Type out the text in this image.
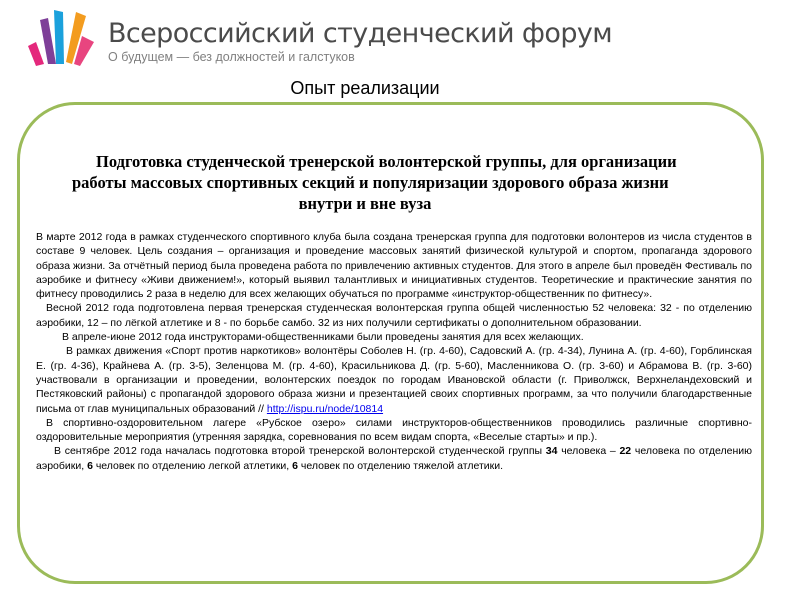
Всероссийский студенческий форум
О будущем — без должностей и галстуков
Опыт реализации
Подготовка студенческой тренерской волонтерской группы, для организации
работы массовых спортивных секций и популяризации здорового образа жизни
внутри и вне вуза

В марте 2012 года в рамках студенческого спортивного клуба была создана тренерская группа для подготовки волонтеров из числа студентов в составе 9 человек. Цель создания – организация и проведение массовых занятий физической культурой и спортом, пропаганда здорового образа жизни. За отчётный период была проведена работа по привлечению активных студентов. Для этого в апреле был проведён Фестиваль по аэробике и фитнесу «Живи движением!», который выявил талантливых и инициативных студентов. Теоретические и практические занятия по фитнесу проводились 2 раза в неделю для всех желающих обучаться по программе «инструктор-общественник по фитнесу».

Весной 2012 года подготовлена первая тренерская студенческая волонтерская группа общей численностью 52 человека: 32 - по отделению аэробики, 12 – по лёгкой атлетике и 8 - по борьбе самбо. 32 из них получили сертификаты о дополнительном образовании.

В апреле-июне 2012 года инструкторами-общественниками были проведены занятия для всех желающих.

В рамках движения «Спорт против наркотиков» волонтёры Соболев Н. (гр. 4-60), Садовский А. (гр. 4-34), Лунина А. (гр. 4-60), Горблинская Е. (гр. 4-36), Крайнева А. (гр. 3-5), Зеленцова М. (гр. 4-60), Красильникова Д. (гр. 5-60), Масленникова О. (гр. 3-60) и Абрамова В. (гр. 3-60) участвовали в организации и проведении, волонтерских поездок по городам Ивановской области (г. Приволжск, Верхнеландеховский и Пестяковский районы) с пропагандой здорового образа жизни и презентацией своих спортивных программ, за что получили благодарственные письма от глав муниципальных образований // http://ispu.ru/node/10814

В спортивно-оздоровительном лагере «Рубское озеро» силами инструкторов-общественников проводились различные спортивно-оздоровительные мероприятия (утренняя зарядка, соревнования по всем видам спорта, «Веселые старты» и пр.).

В сентябре 2012 года началась подготовка второй тренерской волонтерской студенческой группы 34 человека – 22 человека по отделению аэробики, 6 человек по отделению легкой атлетики, 6 человек по отделению тяжелой атлетики.
